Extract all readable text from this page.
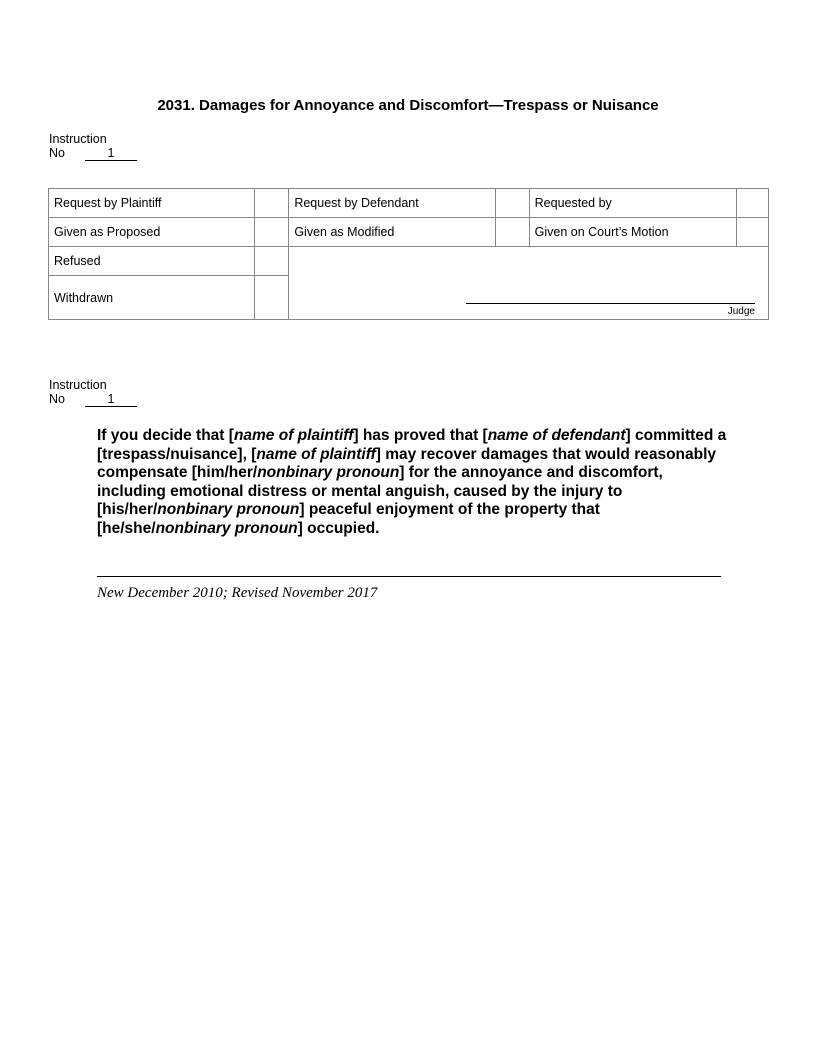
2031. Damages for Annoyance and Discomfort—Trespass or Nuisance
Instruction
No	1
Request by Plaintiff		Request by Defendant		Requested by	
Given as Proposed		Given as Modified		Given on Court’s Motion	
Refused		Judge			

Withdrawn					
Instruction
No	1
If you decide that [name of plaintiff] has proved that [name of defendant] committed a [trespass/nuisance], [name of plaintiff] may recover damages that would reasonably compensate [him/her/nonbinary pronoun] for the annoyance and discomfort, including emotional distress or mental anguish, caused by the injury to [his/her/nonbinary pronoun] peaceful enjoyment of the property that [he/she/nonbinary pronoun] occupied.
New December 2010; Revised November 2017
